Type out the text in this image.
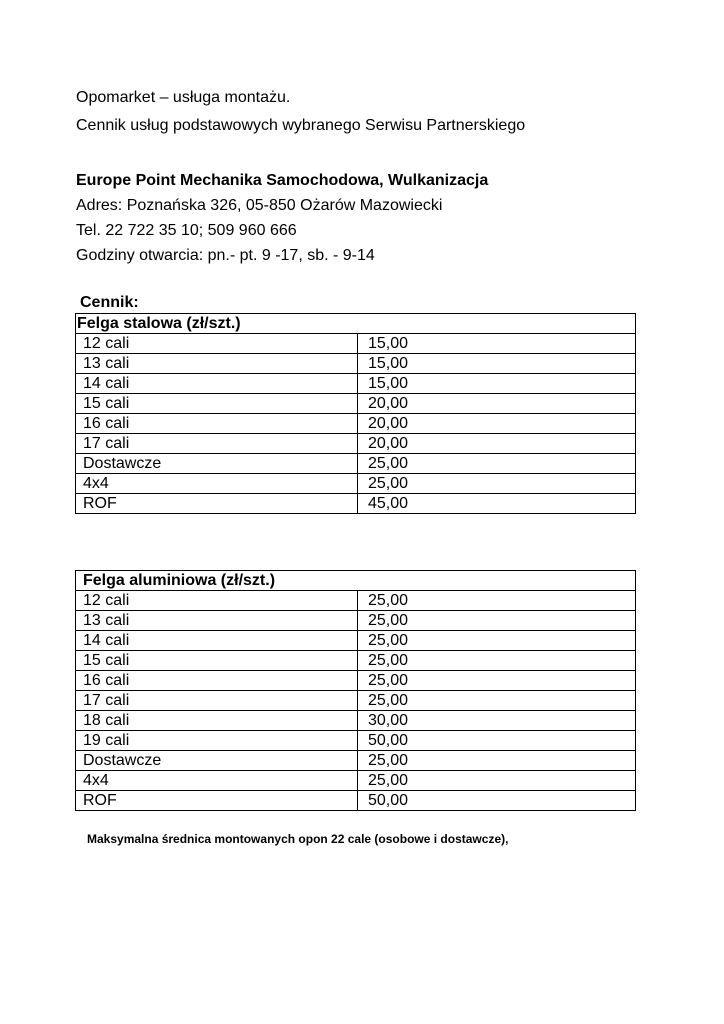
Opomarket – usługa montażu.
Cennik usług podstawowych wybranego Serwisu Partnerskiego
Europe Point Mechanika Samochodowa, Wulkanizacja
Adres: Poznańska 326, 05-850 Ożarów Mazowiecki
Tel. 22 722 35 10; 509 960 666
Godziny otwarcia: pn.- pt. 9 -17, sb. - 9-14
Cennik:
Felga stalowa (zł/szt.)	
12 cali	15,00
13 cali	15,00
14 cali	15,00
15 cali	20,00
16 cali	20,00
17 cali	20,00
Dostawcze	25,00
4x4	25,00
ROF	45,00
Felga aluminiowa (zł/szt.)	
12 cali	25,00
13 cali	25,00
14 cali	25,00
15 cali	25,00
16 cali	25,00
17 cali	25,00
18 cali	30,00
19 cali	50,00
Dostawcze	25,00
4x4	25,00
ROF	50,00
Maksymalna średnica montowanych opon 22 cale (osobowe i dostawcze),
